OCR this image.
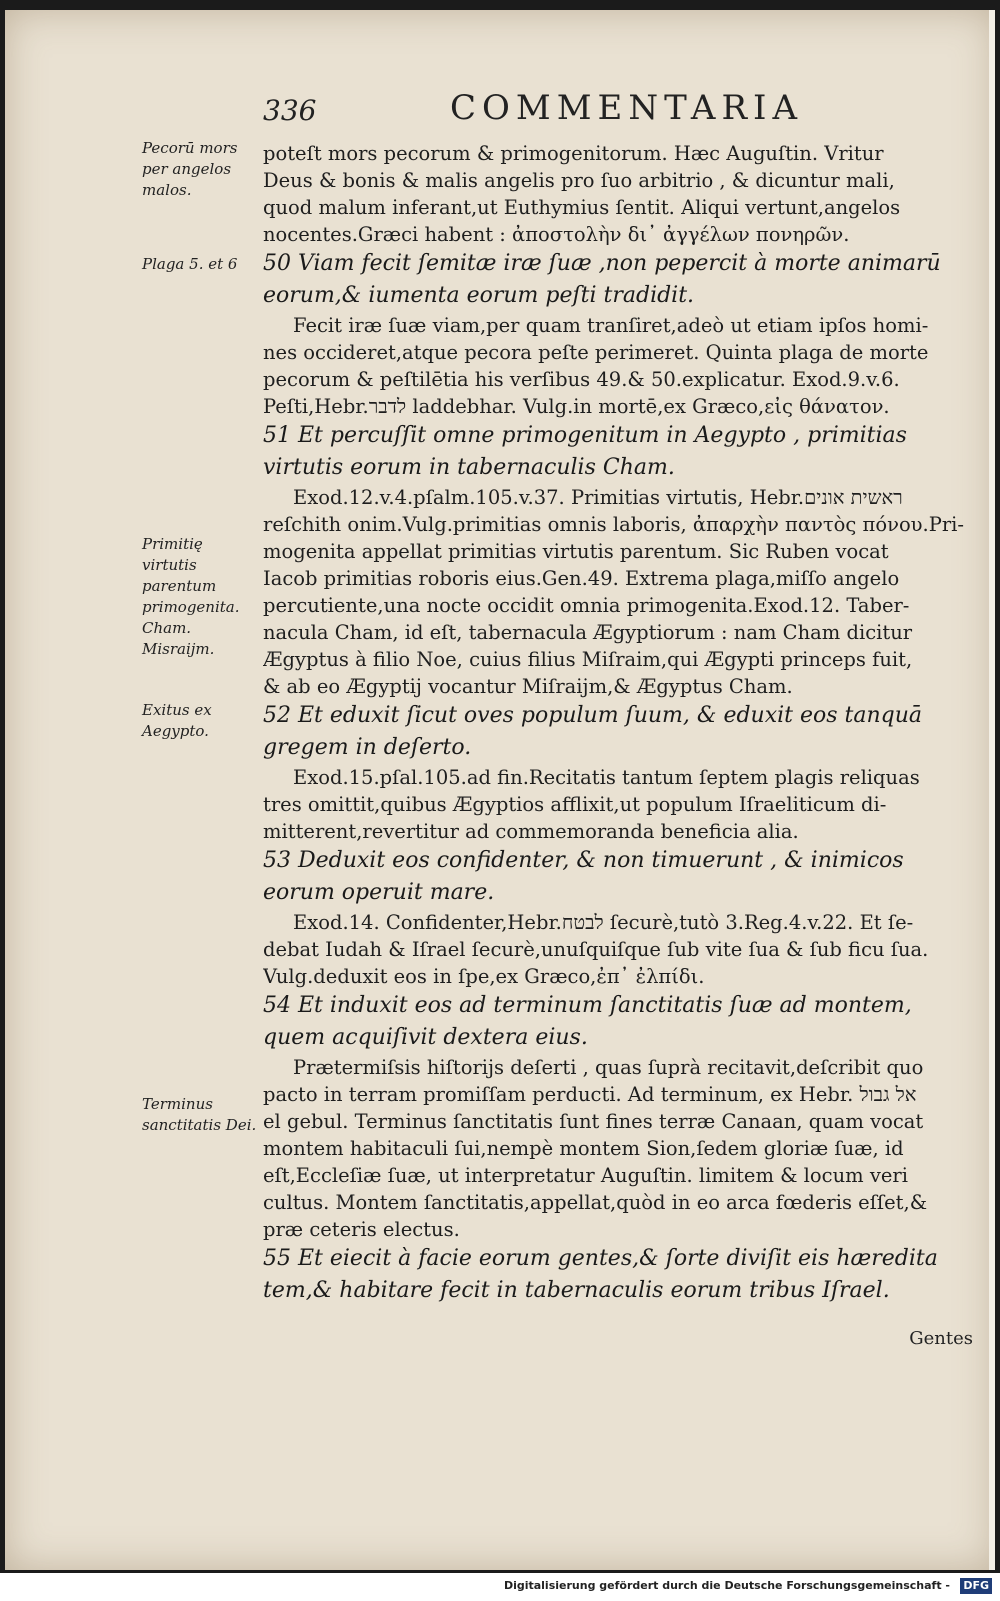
336	COMMENTARIA
Pecorū mors per angelos malos.
Plaga 5. et 6
Primitię virtutis parentum primogenita. Cham. Misraijm.
Exitus ex Aegypto.
Terminus sanctitatis Dei.
poteſt mors pecorum & primogenitorum. Hæc Auguſtin. Vritur
Deus & bonis & malis angelis pro ſuo arbitrio , & dicuntur mali,
quod malum inferant,ut Euthymius ſentit. Aliqui vertunt,angelos
nocentes.Græci habent : ἀποστολὴν δι᾽ ἀγγέλων πονηρῶν.
50 Viam fecit ſemitæ iræ ſuæ ,non pepercit à morte animarū
eorum,& iumenta eorum peſti tradidit.
Fecit iræ ſuæ viam,per quam tranſiret,adeò ut etiam ipſos homi-
nes occideret,atque pecora peſte perimeret. Quinta plaga de morte
pecorum & peſtilētia his verſibus 49.& 50.explicatur. Exod.9.v.6.
Peſti,Hebr.לדבר laddebhar. Vulg.in mortē,ex Græco,εἰς θάνατον.
51 Et percuſſit omne primogenitum in Aegypto , primitias
virtutis eorum in tabernaculis Cham.
Exod.12.v.4.pſalm.105.v.37. Primitias virtutis, Hebr.ראשית אונים
reſchith onim.Vulg.primitias omnis laboris, ἀπαρχὴν παντὸς πόνου.Pri-
mogenita appellat primitias virtutis parentum. Sic Ruben vocat
Iacob primitias roboris eius.Gen.49. Extrema plaga,miſſo angelo
percutiente,una nocte occidit omnia primogenita.Exod.12. Taber-
nacula Cham, id eſt, tabernacula Ægyptiorum : nam Cham dicitur
Ægyptus à filio Noe, cuius filius Miſraim,qui Ægypti princeps fuit,
& ab eo Ægyptij vocantur Miſraijm,& Ægyptus Cham.
52 Et eduxit ſicut oves populum ſuum, & eduxit eos tanquā
gregem in deſerto.
Exod.15.pſal.105.ad fin.Recitatis tantum ſeptem plagis reliquas
tres omittit,quibus Ægyptios afflixit,ut populum Iſraeliticum di-
mitterent,revertitur ad commemoranda beneficia alia.
53 Deduxit eos confidenter, & non timuerunt , & inimicos
eorum operuit mare.
Exod.14. Confidenter,Hebr.לבטח ſecurè,tutò 3.Reg.4.v.22. Et ſe-
debat Iudah & Iſrael ſecurè,unuſquiſque ſub vite ſua & ſub ficu ſua.
Vulg.deduxit eos in ſpe,ex Græco,ἐπ᾽ ἐλπίδι.
54 Et induxit eos ad terminum ſanctitatis ſuæ ad montem,
quem acquiſivit dextera eius.
Prætermiſsis hiſtorijs deſerti , quas ſuprà recitavit,deſcribit quo
pacto in terram promiſſam perducti. Ad terminum, ex Hebr. אל גבול
el gebul. Terminus ſanctitatis ſunt fines terræ Canaan, quam vocat
montem habitaculi ſui,nempè montem Sion,ſedem gloriæ ſuæ, id
eſt,Eccleſiæ ſuæ, ut interpretatur Auguſtin. limitem & locum veri
cultus. Montem ſanctitatis,appellat,quòd in eo arca fœderis eſſet,&
præ ceteris electus.
55 Et eiecit à facie eorum gentes,& ſorte diviſit eis hæredita
tem,& habitare fecit in tabernaculis eorum tribus Iſrael.
Gentes
Digitalisierung gefördert durch die Deutsche Forschungsgemeinschaft - DFG
